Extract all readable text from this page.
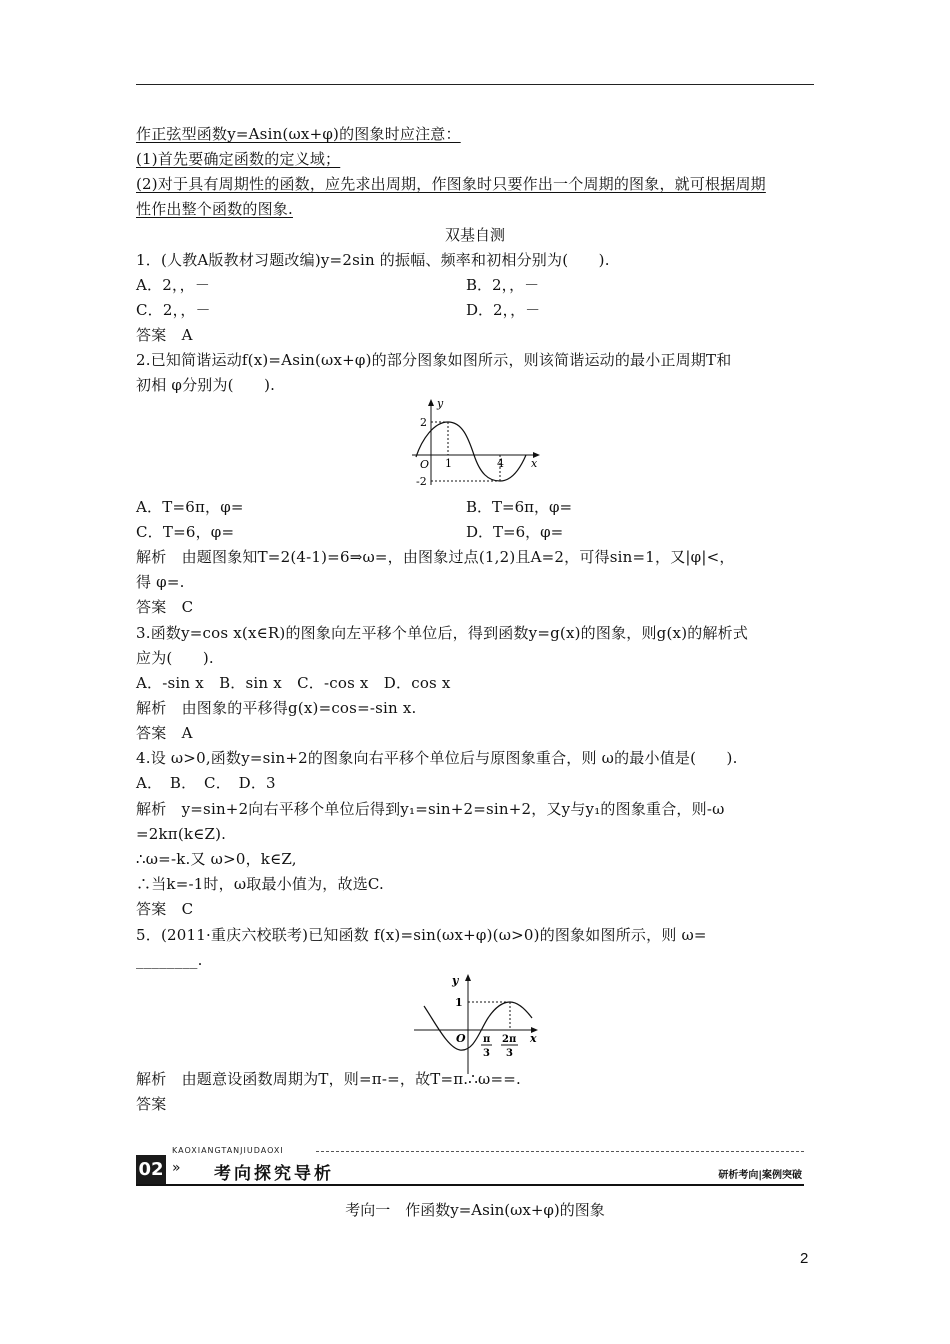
作正弦型函数y=Asin(ωx+φ)的图象时应注意：
(1)首先要确定函数的定义域；
(2)对于具有周期性的函数，应先求出周期，作图象时只要作出一个周期的图象，就可根据周期
性作出整个函数的图象.
双基自测
1．(人教A版教材习题改编)y=2sin 的振幅、频率和初相分别为(　　).
A．2，，－	B．2，，－
C．2，，－	D．2，，－
答案　A
2.已知简谐运动f(x)=Asin(ωx+φ)的部分图象如图所示，则该简谐运动的最小正周期T和
初相 φ分别为(　　).
y
x
2
-2
O 1	4
A．T=6π，φ=	B．T=6π，φ=
C．T=6，φ=	D．T=6，φ=
解析　由题图象知T=2(4-1)=6⇒ω=，由图象过点(1,2)且A=2，可得sin=1，又|φ|<，
得 φ=.
答案　C
3.函数y=cos x(x∈R)的图象向左平移个单位后，得到函数y=g(x)的图象，则g(x)的解析式
应为(　　).
A．-sin x　B．sin x　C．-cos x　D．cos x
解析　由图象的平移得g(x)=cos=-sin x.
答案　A
4.设 ω>0,函数y=sin+2的图象向右平移个单位后与原图象重合，则 ω的最小值是(　　).
A．　B．　C．　D．3
解析　y=sin+2向右平移个单位后得到y₁=sin+2=sin+2，又y与y₁的图象重合，则-ω
=2kπ(k∈Z).
∴ω=-k.又 ω>0，k∈Z,
∴当k=-1时，ω取最小值为，故选C.
答案　C
5．(2011·重庆六校联考)已知函数 f(x)=sin(ωx+φ)(ω>0)的图象如图所示，则 ω=
________.
y
x
1
O π
3
2π
3
解析　由题意设函数周期为T，则=π-=，故T=π.∴ω==.
答案
02
KAOXIANGTANJIUDAOXI
» 考向探究导析	研析考向|案例突破
考向一　作函数y=Asin(ωx+φ)的图象
2
